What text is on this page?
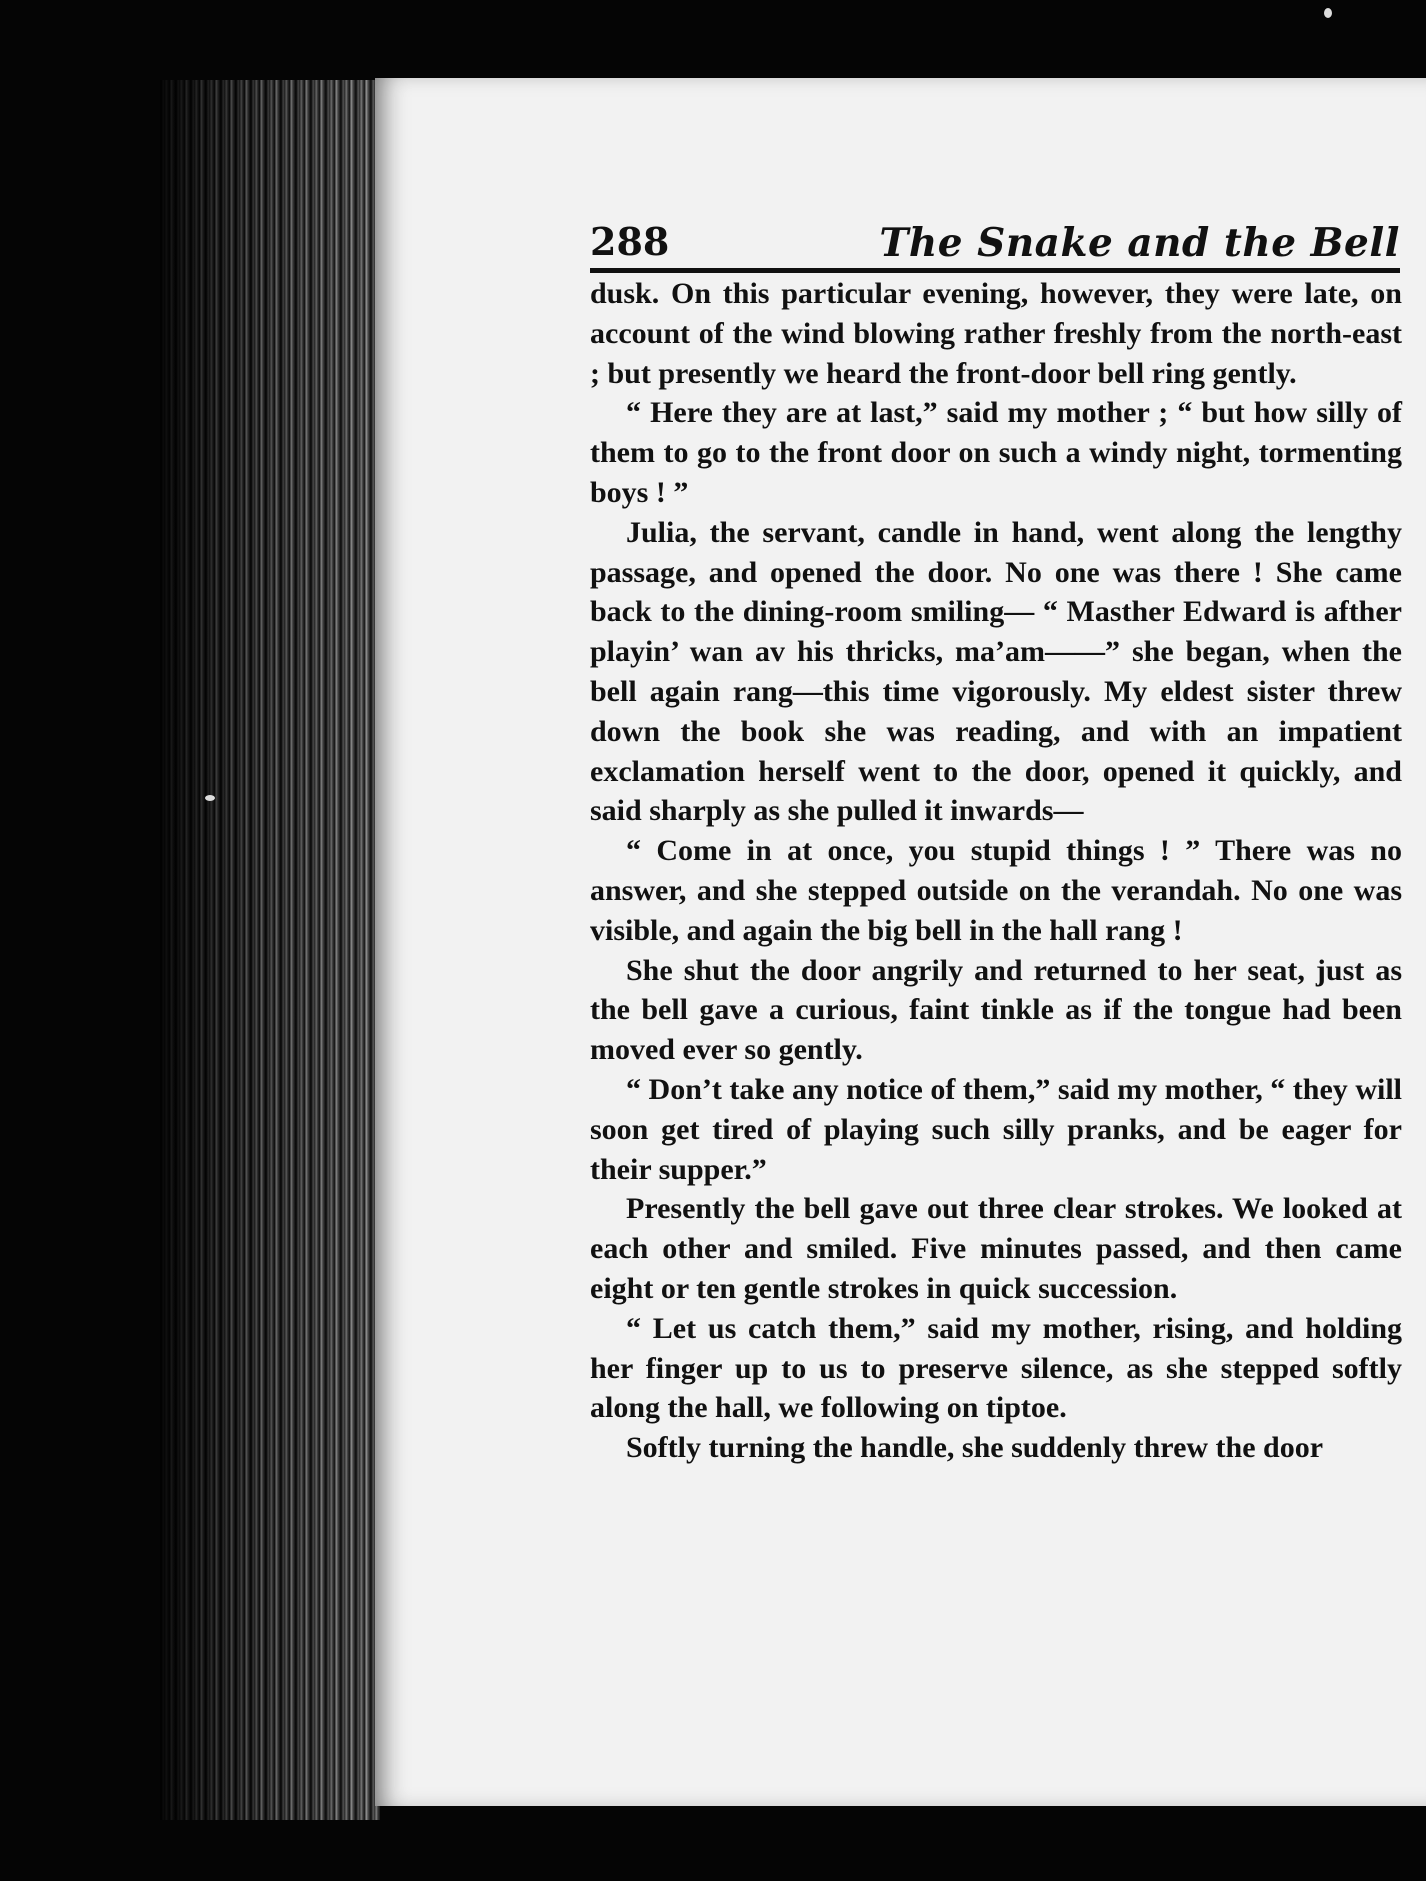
288	The Snake and the Bell

dusk. On this particular evening, however, they were late, on account of the wind blowing rather freshly from the north-east ; but presently we heard the front-door bell ring gently.

“ Here they are at last,” said my mother ; “ but how silly of them to go to the front door on such a windy night, tormenting boys ! ”

Julia, the servant, candle in hand, went along the lengthy passage, and opened the door. No one was there ! She came back to the dining-room smiling— “ Masther Edward is afther playin’ wan av his thricks, ma’am——” she began, when the bell again rang—this time vigorously. My eldest sister threw down the book she was reading, and with an impatient exclamation herself went to the door, opened it quickly, and said sharply as she pulled it inwards—

“ Come in at once, you stupid things ! ” There was no answer, and she stepped outside on the verandah. No one was visible, and again the big bell in the hall rang !

She shut the door angrily and returned to her seat, just as the bell gave a curious, faint tinkle as if the tongue had been moved ever so gently.

“ Don’t take any notice of them,” said my mother, “ they will soon get tired of playing such silly pranks, and be eager for their supper.”

Presently the bell gave out three clear strokes. We looked at each other and smiled. Five minutes passed, and then came eight or ten gentle strokes in quick succession.

“ Let us catch them,” said my mother, rising, and holding her finger up to us to preserve silence, as she stepped softly along the hall, we following on tiptoe.

Softly turning the handle, she suddenly threw the door
